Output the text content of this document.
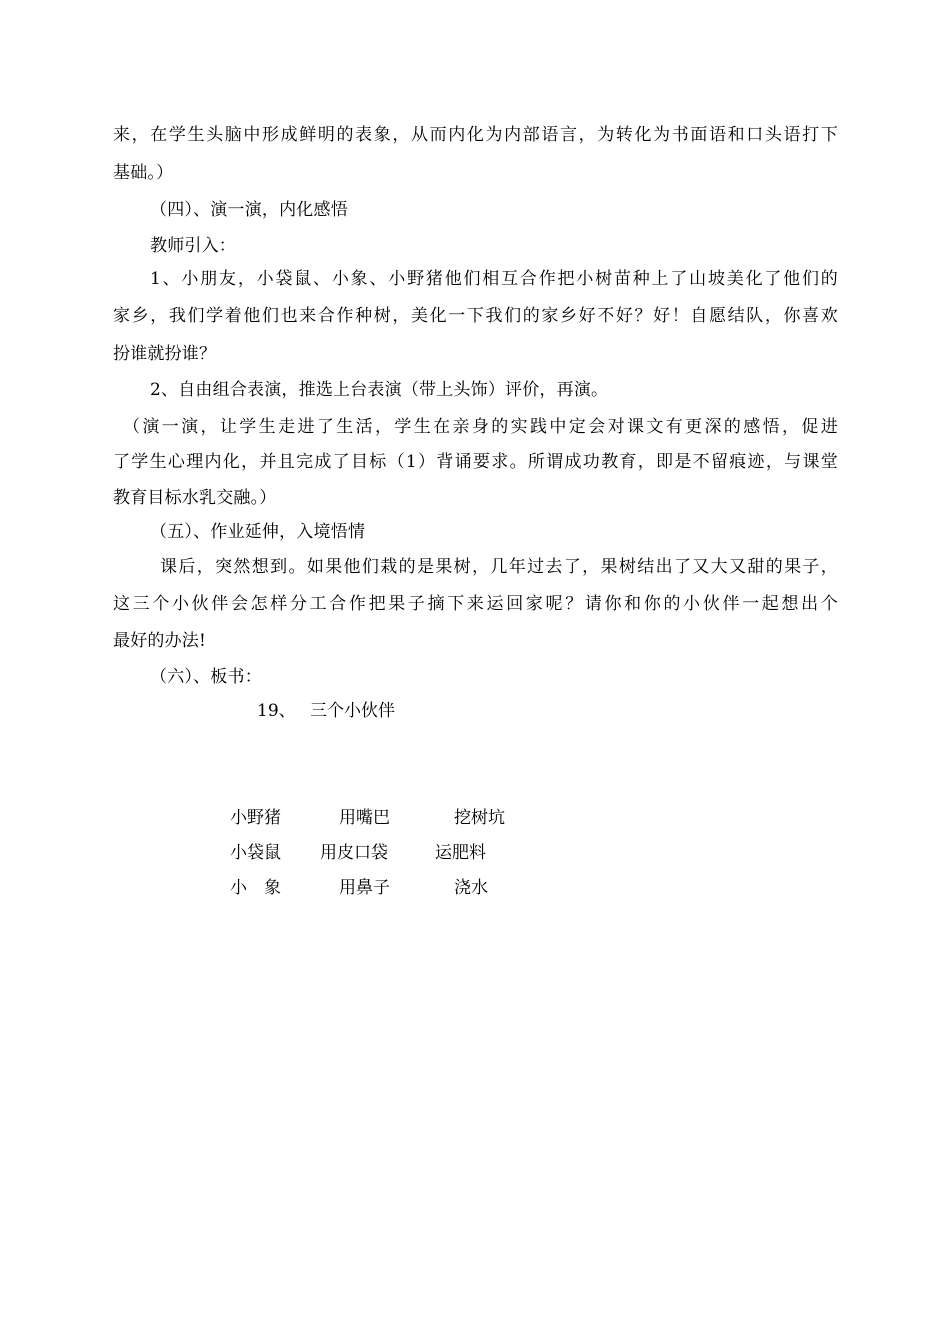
来，在学生头脑中形成鲜明的表象，从而内化为内部语言，为转化为书面语和口头语打下
基础。）
（四）、演一演，内化感悟
教师引入：
1、小朋友，小袋鼠、小象、小野猪他们相互合作把小树苗种上了山坡美化了他们的
家乡，我们学着他们也来合作种树，美化一下我们的家乡好不好？好！自愿结队，你喜欢
扮谁就扮谁？
2、自由组合表演，推选上台表演（带上头饰）评价，再演。
（演一演，让学生走进了生活，学生在亲身的实践中定会对课文有更深的感悟，促进
了学生心理内化，并且完成了目标（1）背诵要求。所谓成功教育，即是不留痕迹，与课堂
教育目标水乳交融。）
（五）、作业延伸，入境悟情
课后，突然想到。如果他们栽的是果树，几年过去了，果树结出了又大又甜的果子，
这三个小伙伴会怎样分工合作把果子摘下来运回家呢？请你和你的小伙伴一起想出个
最好的办法!
（六）、板书：
19、 三个小伙伴
小野猪	用嘴巴	挖树坑
小袋鼠 用皮口袋	运肥料
小　象	用鼻子	浇水
